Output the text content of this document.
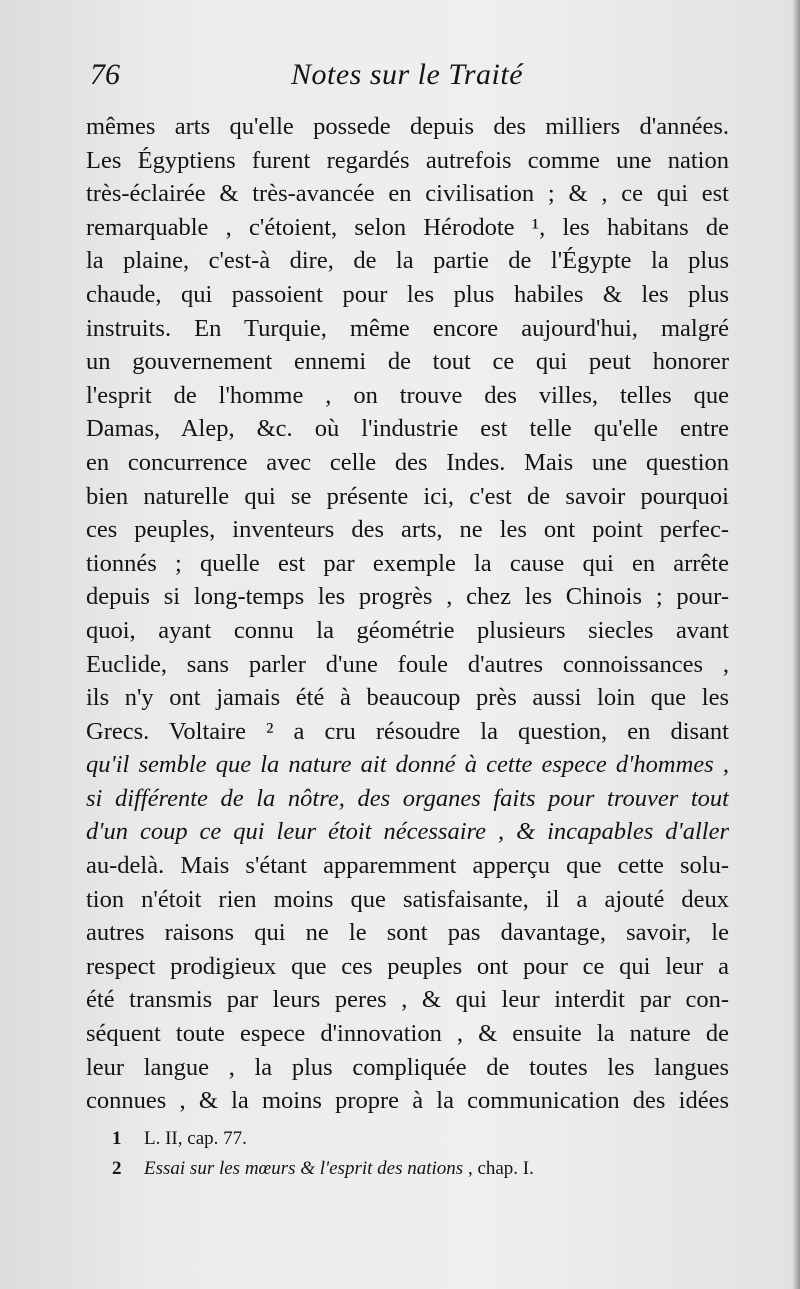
76	Notes sur le Traité
mêmes arts qu'elle possede depuis des milliers d'années.
Les Égyptiens furent regardés autrefois comme une nation
très-éclairée & très-avancée en civilisation ; & , ce qui est
remarquable , c'étoient, selon Hérodote ¹, les habitans de
la plaine, c'est-à dire, de la partie de l'Égypte la plus
chaude, qui passoient pour les plus habiles & les plus
instruits. En Turquie, même encore aujourd'hui, malgré
un gouvernement ennemi de tout ce qui peut honorer
l'esprit de l'homme , on trouve des villes, telles que
Damas, Alep, &c. où l'industrie est telle qu'elle entre
en concurrence avec celle des Indes. Mais une question
bien naturelle qui se présente ici, c'est de savoir pourquoi
ces peuples, inventeurs des arts, ne les ont point perfec-
tionnés ; quelle est par exemple la cause qui en arrête
depuis si long-temps les progrès , chez les Chinois ; pour-
quoi, ayant connu la géométrie plusieurs siecles avant
Euclide, sans parler d'une foule d'autres connoissances ,
ils n'y ont jamais été à beaucoup près aussi loin que les
Grecs. Voltaire ² a cru résoudre la question, en disant
qu'il semble que la nature ait donné à cette espece d'hommes ,
si différente de la nôtre, des organes faits pour trouver tout
d'un coup ce qui leur étoit nécessaire , & incapables d'aller
au-delà. Mais s'étant apparemment apperçu que cette solu-
tion n'étoit rien moins que satisfaisante, il a ajouté deux
autres raisons qui ne le sont pas davantage, savoir, le
respect prodigieux que ces peuples ont pour ce qui leur a
été transmis par leurs peres , & qui leur interdit par con-
séquent toute espece d'innovation , & ensuite la nature de
leur langue , la plus compliquée de toutes les langues
connues , & la moins propre à la communication des idées
1 L. II, cap. 77.
2 Essai sur les mœurs & l'esprit des nations , chap. I.
